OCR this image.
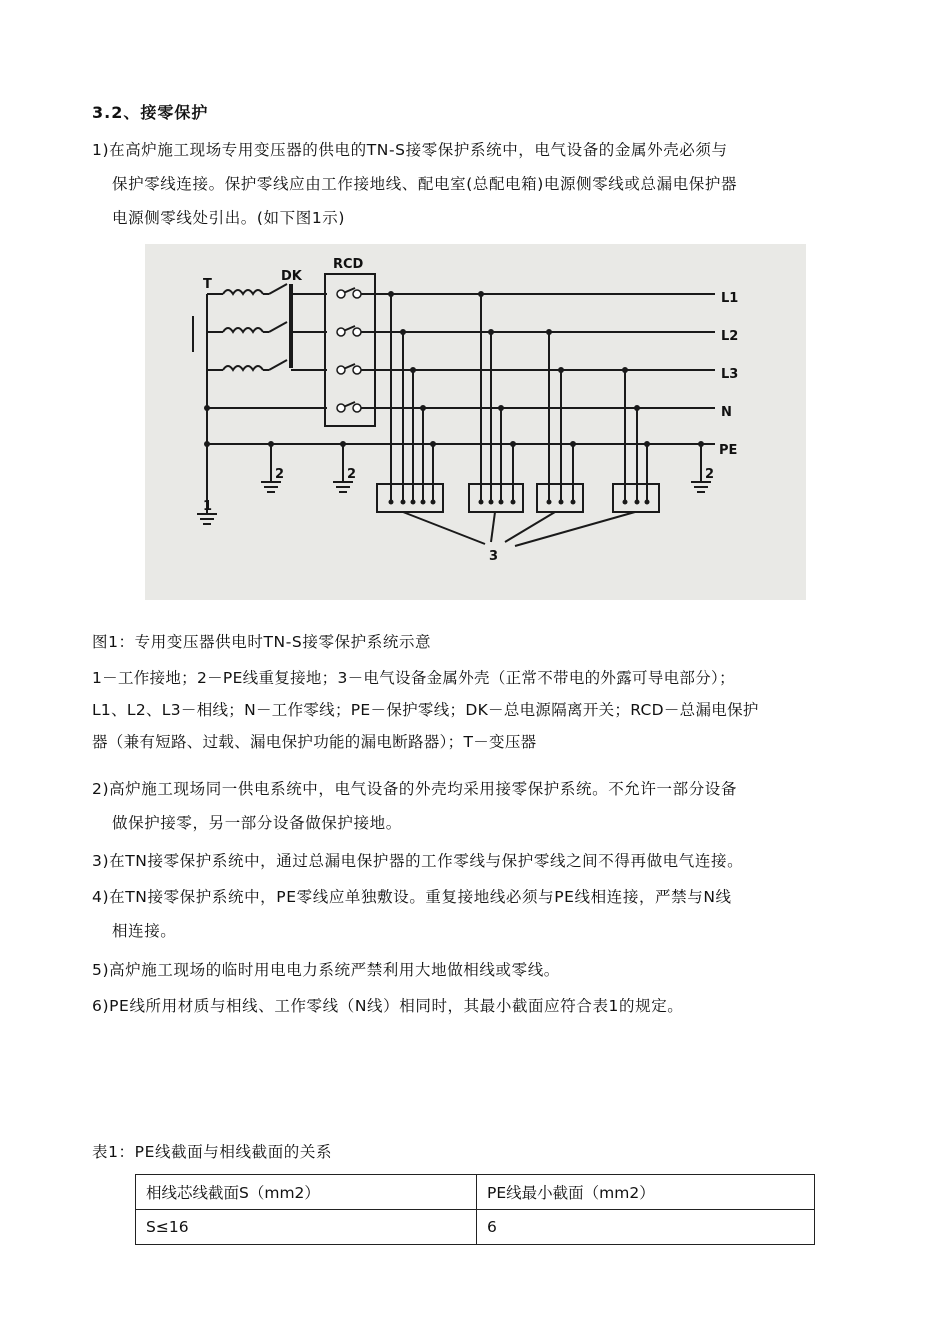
3.2、接零保护
1)在高炉施工现场专用变压器的供电的TN-S接零保护系统中，电气设备的金属外壳必须与
保护零线连接。保护零线应由工作接地线、配电室(总配电箱)电源侧零线或总漏电保护器
电源侧零线处引出。(如下图1示)
T
DK
RCD
L1
L2
L3
N
PE
1
2	2	2
3
图1：专用变压器供电时TN-S接零保护系统示意
1－工作接地；2－PE线重复接地；3－电气设备金属外壳（正常不带电的外露可导电部分）；
L1、L2、L3－相线；N－工作零线；PE－保护零线；DK－总电源隔离开关；RCD－总漏电保护
器（兼有短路、过载、漏电保护功能的漏电断路器）；T－变压器
2)高炉施工现场同一供电系统中，电气设备的外壳均采用接零保护系统。不允许一部分设备
做保护接零，另一部分设备做保护接地。
3)在TN接零保护系统中，通过总漏电保护器的工作零线与保护零线之间不得再做电气连接。
4)在TN接零保护系统中，PE零线应单独敷设。重复接地线必须与PE线相连接，严禁与N线
相连接。
5)高炉施工现场的临时用电电力系统严禁利用大地做相线或零线。
6)PE线所用材质与相线、工作零线（N线）相同时，其最小截面应符合表1的规定。
表1：PE线截面与相线截面的关系
相线芯线截面S（mm2）	PE线最小截面（mm2）
S≤16	6
